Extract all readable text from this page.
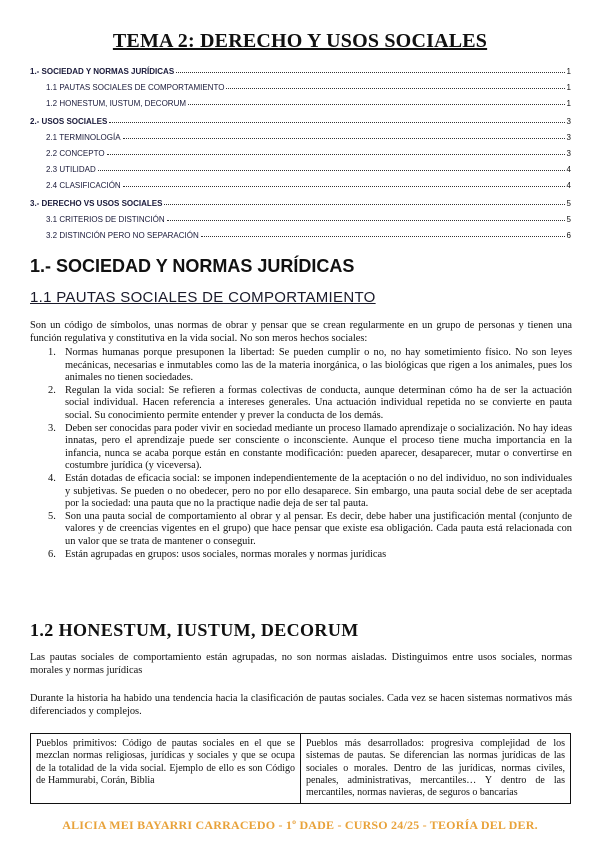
TEMA 2: DERECHO Y USOS SOCIALES
1.- SOCIEDAD Y NORMAS JURÍDICAS	1
1.1 PAUTAS SOCIALES DE COMPORTAMIENTO	1
1.2 HONESTUM, IUSTUM, DECORUM	1
2.- USOS SOCIALES	3
2.1 TERMINOLOGÍA	3
2.2 CONCEPTO	3
2.3 UTILIDAD	4
2.4 CLASIFICACIÓN	4
3.- DERECHO VS USOS SOCIALES	5
3.1 CRITERIOS DE DISTINCIÓN	5
3.2 DISTINCIÓN PERO NO SEPARACIÓN	6
1.- SOCIEDAD Y NORMAS JURÍDICAS
1.1 PAUTAS SOCIALES DE COMPORTAMIENTO
Son un código de símbolos, unas normas de obrar y pensar que se crean regularmente en un grupo de personas y tienen una función regulativa y constitutiva en la vida social. No son meros hechos sociales:
1. Normas humanas porque presuponen la libertad: Se pueden cumplir o no, no hay sometimiento físico. No son leyes mecánicas, necesarias e inmutables como las de la materia inorgánica, o las biológicas que rigen a los animales, pues los animales no tienen sociedades.
2. Regulan la vida social: Se refieren a formas colectivas de conducta, aunque determinan cómo ha de ser la actuación social individual. Hacen referencia a intereses generales. Una actuación individual repetida no se convierte en pauta social. Su conocimiento permite entender y prever la conducta de los demás.
3. Deben ser conocidas para poder vivir en sociedad mediante un proceso llamado aprendizaje o socialización. No hay ideas innatas, pero el aprendizaje puede ser consciente o inconsciente. Aunque el proceso tiene mucha importancia en la infancia, nunca se acaba porque están en constante modificación: pueden aparecer, desaparecer, mutar o convertirse en costumbre jurídica (y viceversa).
4. Están dotadas de eficacia social: se imponen independientemente de la aceptación o no del individuo, no son individuales y subjetivas. Se pueden o no obedecer, pero no por ello desaparece. Sin embargo, una pauta social debe de ser aceptada por la sociedad: una pauta que no la practique nadie deja de ser tal pauta.
5. Son una pauta social de comportamiento al obrar y al pensar. Es decir, debe haber una justificación mental (conjunto de valores y de creencias vigentes en el grupo) que hace pensar que existe esa obligación. Cada pauta está relacionada con un valor que se trata de mantener o conseguir.
6. Están agrupadas en grupos: usos sociales, normas morales y normas jurídicas
1.2 HONESTUM, IUSTUM, DECORUM
Las pautas sociales de comportamiento están agrupadas, no son normas aisladas. Distinguimos entre usos sociales, normas morales y normas jurídicas
Durante la historia ha habido una tendencia hacia la clasificación de pautas sociales. Cada vez se hacen sistemas normativos más diferenciados y complejos.
Pueblos primitivos: Código de pautas sociales en el que se mezclan normas religiosas, jurídicas y sociales y que se ocupa de la totalidad de la vida social. Ejemplo de ello es son Código de Hammurabi, Corán, Biblia	Pueblos más desarrollados: progresiva complejidad de los sistemas de pautas. Se diferencian las normas jurídicas de las sociales o morales. Dentro de las jurídicas, normas civiles, penales, administrativas, mercantiles… Y dentro de las mercantiles, normas navieras, de seguros o bancarias
ALICIA MEI BAYARRI CARRACEDO - 1º DADE - CURSO 24/25 - TEORÍA DEL DER.
